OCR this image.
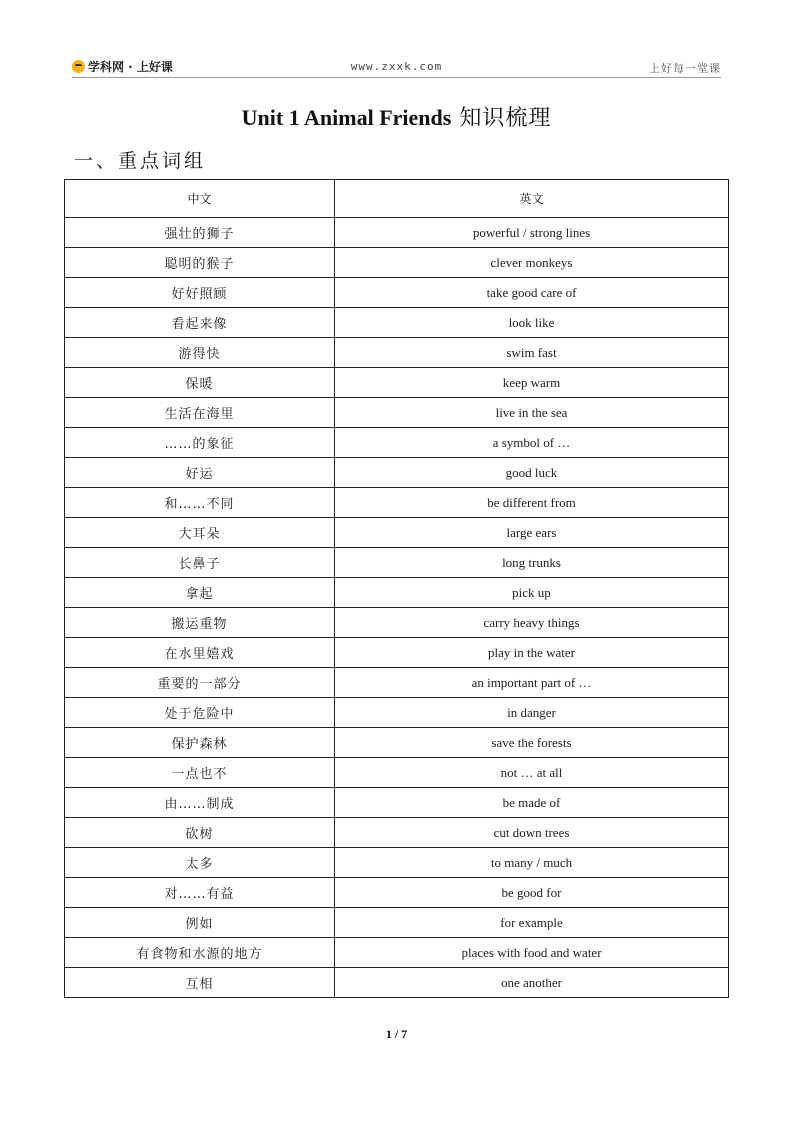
学科网 · 上好课	www.zxxk.com	上好每一堂课
Unit 1 Animal Friends 知识梳理
一、重点词组
中文	英文
强壮的狮子	powerful / strong lines
聪明的猴子	clever monkeys
好好照顾	take good care of
看起来像	look like
游得快	swim fast
保暖	keep warm
生活在海里	live in the sea
……的象征	a symbol of …
好运	good luck
和……不同	be different from
大耳朵	large ears
长鼻子	long trunks
拿起	pick up
搬运重物	carry heavy things
在水里嬉戏	play in the water
重要的一部分	an important part of …
处于危险中	in danger
保护森林	save the forests
一点也不	not … at all
由……制成	be made of
砍树	cut down trees
太多	to many / much
对……有益	be good for
例如	for example
有食物和水源的地方	places with food and water
互相	one another
1 / 7
